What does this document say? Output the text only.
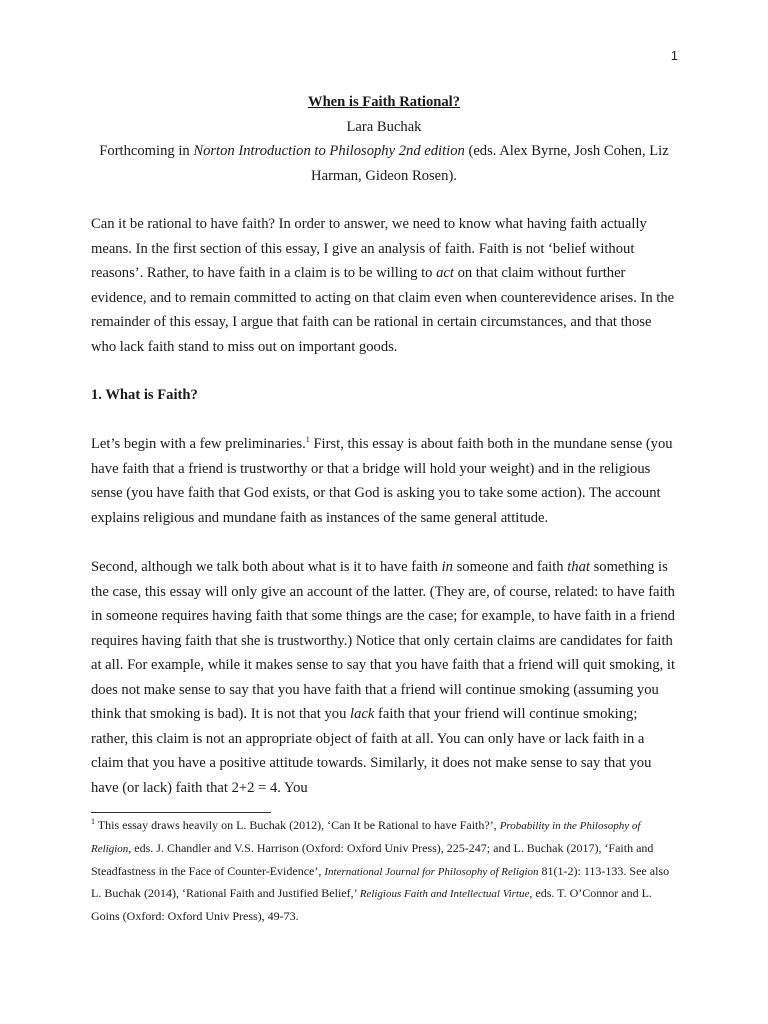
1
When is Faith Rational?
Lara Buchak
Forthcoming in Norton Introduction to Philosophy 2nd edition (eds. Alex Byrne, Josh Cohen, Liz Harman, Gideon Rosen).

Can it be rational to have faith? In order to answer, we need to know what having faith actually means. In the first section of this essay, I give an analysis of faith. Faith is not ‘belief without reasons’. Rather, to have faith in a claim is to be willing to act on that claim without further evidence, and to remain committed to acting on that claim even when counterevidence arises. In the remainder of this essay, I argue that faith can be rational in certain circumstances, and that those who lack faith stand to miss out on important goods.

1. What is Faith?

Let’s begin with a few preliminaries.$^1$ First, this essay is about faith both in the mundane sense (you have faith that a friend is trustworthy or that a bridge will hold your weight) and in the religious sense (you have faith that God exists, or that God is asking you to take some action). The account explains religious and mundane faith as instances of the same general attitude.

Second, although we talk both about what is it to have faith in someone and faith that something is the case, this essay will only give an account of the latter. (They are, of course, related: to have faith in someone requires having faith that some things are the case; for example, to have faith in a friend requires having faith that she is trustworthy.) Notice that only certain claims are candidates for faith at all. For example, while it makes sense to say that you have faith that a friend will quit smoking, it does not make sense to say that you have faith that a friend will continue smoking (assuming you think that smoking is bad). It is not that you lack faith that your friend will continue smoking; rather, this claim is not an appropriate object of faith at all. You can only have or lack faith in a claim that you have a positive attitude towards. Similarly, it does not make sense to say that you have (or lack) faith that 2+2 = 4. You

$^1$ This essay draws heavily on L. Buchak (2012), ‘Can It be Rational to have Faith?’, Probability in the Philosophy of Religion, eds. J. Chandler and V.S. Harrison (Oxford: Oxford Univ Press), 225-247; and L. Buchak (2017), ‘Faith and Steadfastness in the Face of Counter-Evidence’, International Journal for Philosophy of Religion 81(1-2): 113-133. See also L. Buchak (2014), ‘Rational Faith and Justified Belief,’ Religious Faith and Intellectual Virtue, eds. T. O’Connor and L. Goins (Oxford: Oxford Univ Press), 49-73.
